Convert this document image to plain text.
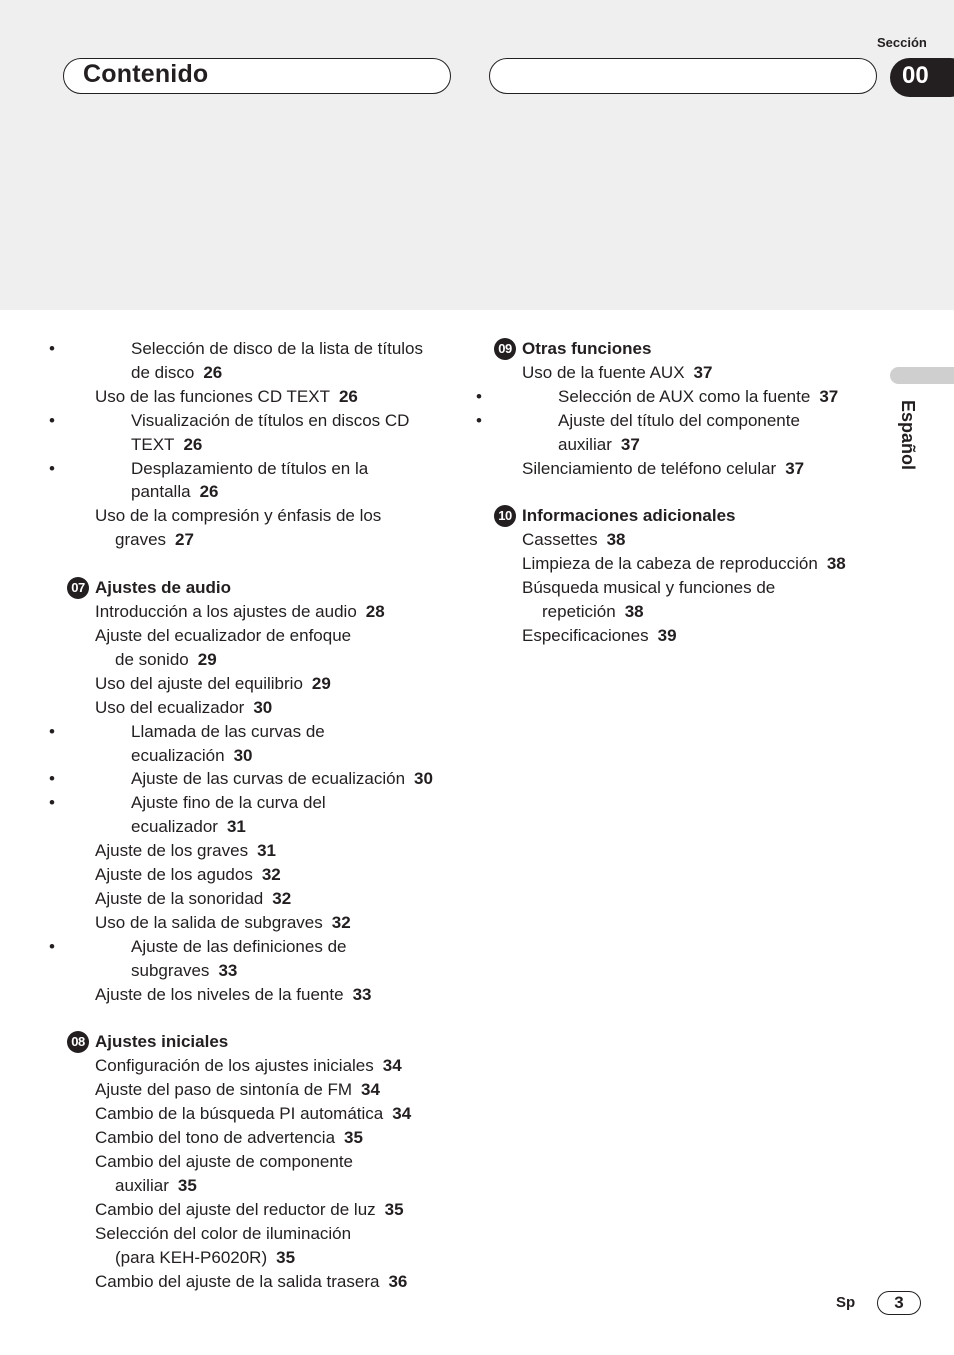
Sección
Contenido	00
Español
• Selección de disco de la lista de títulos
de disco 26
Uso de las funciones CD TEXT 26
• Visualización de títulos en discos CD
TEXT 26
• Desplazamiento de títulos en la
pantalla 26
Uso de la compresión y énfasis de los
graves 27
07 Ajustes de audio
Introducción a los ajustes de audio 28
Ajuste del ecualizador de enfoque
de sonido 29
Uso del ajuste del equilibrio 29
Uso del ecualizador 30
• Llamada de las curvas de
ecualización 30
• Ajuste de las curvas de ecualización 30
• Ajuste fino de la curva del
ecualizador 31
Ajuste de los graves 31
Ajuste de los agudos 32
Ajuste de la sonoridad 32
Uso de la salida de subgraves 32
• Ajuste de las definiciones de
subgraves 33
Ajuste de los niveles de la fuente 33
08 Ajustes iniciales
Configuración de los ajustes iniciales 34
Ajuste del paso de sintonía de FM 34
Cambio de la búsqueda PI automática 34
Cambio del tono de advertencia 35
Cambio del ajuste de componente
auxiliar 35
Cambio del ajuste del reductor de luz 35
Selección del color de iluminación
(para KEH-P6020R) 35
Cambio del ajuste de la salida trasera 36
09 Otras funciones
Uso de la fuente AUX 37
• Selección de AUX como la fuente 37
• Ajuste del título del componente
auxiliar 37
Silenciamiento de teléfono celular 37
10 Informaciones adicionales
Cassettes 38
Limpieza de la cabeza de reproducción 38
Búsqueda musical y funciones de
repetición 38
Especificaciones 39
Sp	3
